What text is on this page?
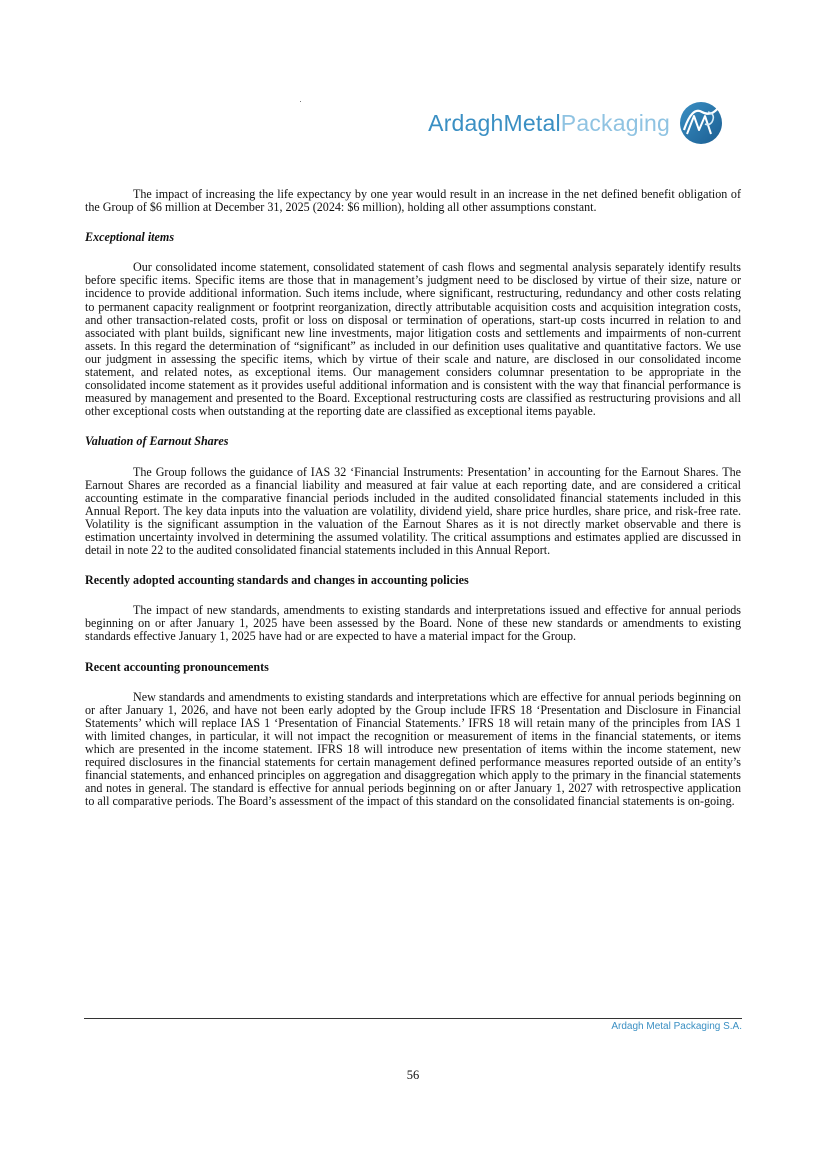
ArdaghMetalPackaging

The impact of increasing the life expectancy by one year would result in an increase in the net defined benefit obligation of the Group of $6 million at December 31, 2025 (2024: $6 million), holding all other assumptions constant.

Exceptional items

Our consolidated income statement, consolidated statement of cash flows and segmental analysis separately identify results before specific items. Specific items are those that in management’s judgment need to be disclosed by virtue of their size, nature or incidence to provide additional information. Such items include, where significant, restructuring, redundancy and other costs relating to permanent capacity realignment or footprint reorganization, directly attributable acquisition costs and acquisition integration costs, and other transaction-related costs, profit or loss on disposal or termination of operations, start-up costs incurred in relation to and associated with plant builds, significant new line investments, major litigation costs and settlements and impairments of non-current assets. In this regard the determination of “significant” as included in our definition uses qualitative and quantitative factors. We use our judgment in assessing the specific items, which by virtue of their scale and nature, are disclosed in our consolidated income statement, and related notes, as exceptional items. Our management considers columnar presentation to be appropriate in the consolidated income statement as it provides useful additional information and is consistent with the way that financial performance is measured by management and presented to the Board. Exceptional restructuring costs are classified as restructuring provisions and all other exceptional costs when outstanding at the reporting date are classified as exceptional items payable.

Valuation of Earnout Shares

The Group follows the guidance of IAS 32 ‘Financial Instruments: Presentation’ in accounting for the Earnout Shares. The Earnout Shares are recorded as a financial liability and measured at fair value at each reporting date, and are considered a critical accounting estimate in the comparative financial periods included in the audited consolidated financial statements included in this Annual Report. The key data inputs into the valuation are volatility, dividend yield, share price hurdles, share price, and risk-free rate. Volatility is the significant assumption in the valuation of the Earnout Shares as it is not directly market observable and there is estimation uncertainty involved in determining the assumed volatility. The critical assumptions and estimates applied are discussed in detail in note 22 to the audited consolidated financial statements included in this Annual Report.

Recently adopted accounting standards and changes in accounting policies

The impact of new standards, amendments to existing standards and interpretations issued and effective for annual periods beginning on or after January 1, 2025 have been assessed by the Board. None of these new standards or amendments to existing standards effective January 1, 2025 have had or are expected to have a material impact for the Group.

Recent accounting pronouncements

New standards and amendments to existing standards and interpretations which are effective for annual periods beginning on or after January 1, 2026, and have not been early adopted by the Group include IFRS 18 ‘Presentation and Disclosure in Financial Statements’ which will replace IAS 1 ‘Presentation of Financial Statements.’ IFRS 18 will retain many of the principles from IAS 1 with limited changes, in particular, it will not impact the recognition or measurement of items in the financial statements, or items which are presented in the income statement. IFRS 18 will introduce new presentation of items within the income statement, new required disclosures in the financial statements for certain management defined performance measures reported outside of an entity’s financial statements, and enhanced principles on aggregation and disaggregation which apply to the primary in the financial statements and notes in general. The standard is effective for annual periods beginning on or after January 1, 2027 with retrospective application to all comparative periods. The Board’s assessment of the impact of this standard on the consolidated financial statements is on-going.

Ardagh Metal Packaging S.A.
56
